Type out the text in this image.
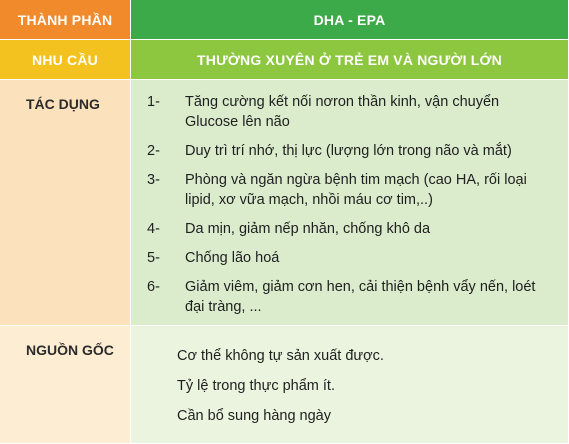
THÀNH PHẦN	DHA - EPA
NHU CẦU	THƯỜNG XUYÊN Ở TRẺ EM VÀ NGƯỜI LỚN
TÁC DỤNG	1-	Tăng cường kết nối nơron thần kinh, vận chuyển Glucose lên não
2-	Duy trì trí nhớ, thị lực (lượng lớn trong não và mắt)
3-	Phòng và ngăn ngừa bệnh tim mạch (cao HA, rối loại lipid, xơ vữa mạch, nhồi máu cơ tim,..)
4-	Da mịn, giảm nếp nhăn, chống khô da
5-	Chống lão hoá
6-	Giảm viêm, giảm cơn hen, cải thiện bệnh vẩy nến, loét đại tràng, ...
NGUỒN GỐC	Cơ thể không tự sản xuất được.
Tỷ lệ trong thực phẩm ít.
Cần bổ sung hàng ngày
